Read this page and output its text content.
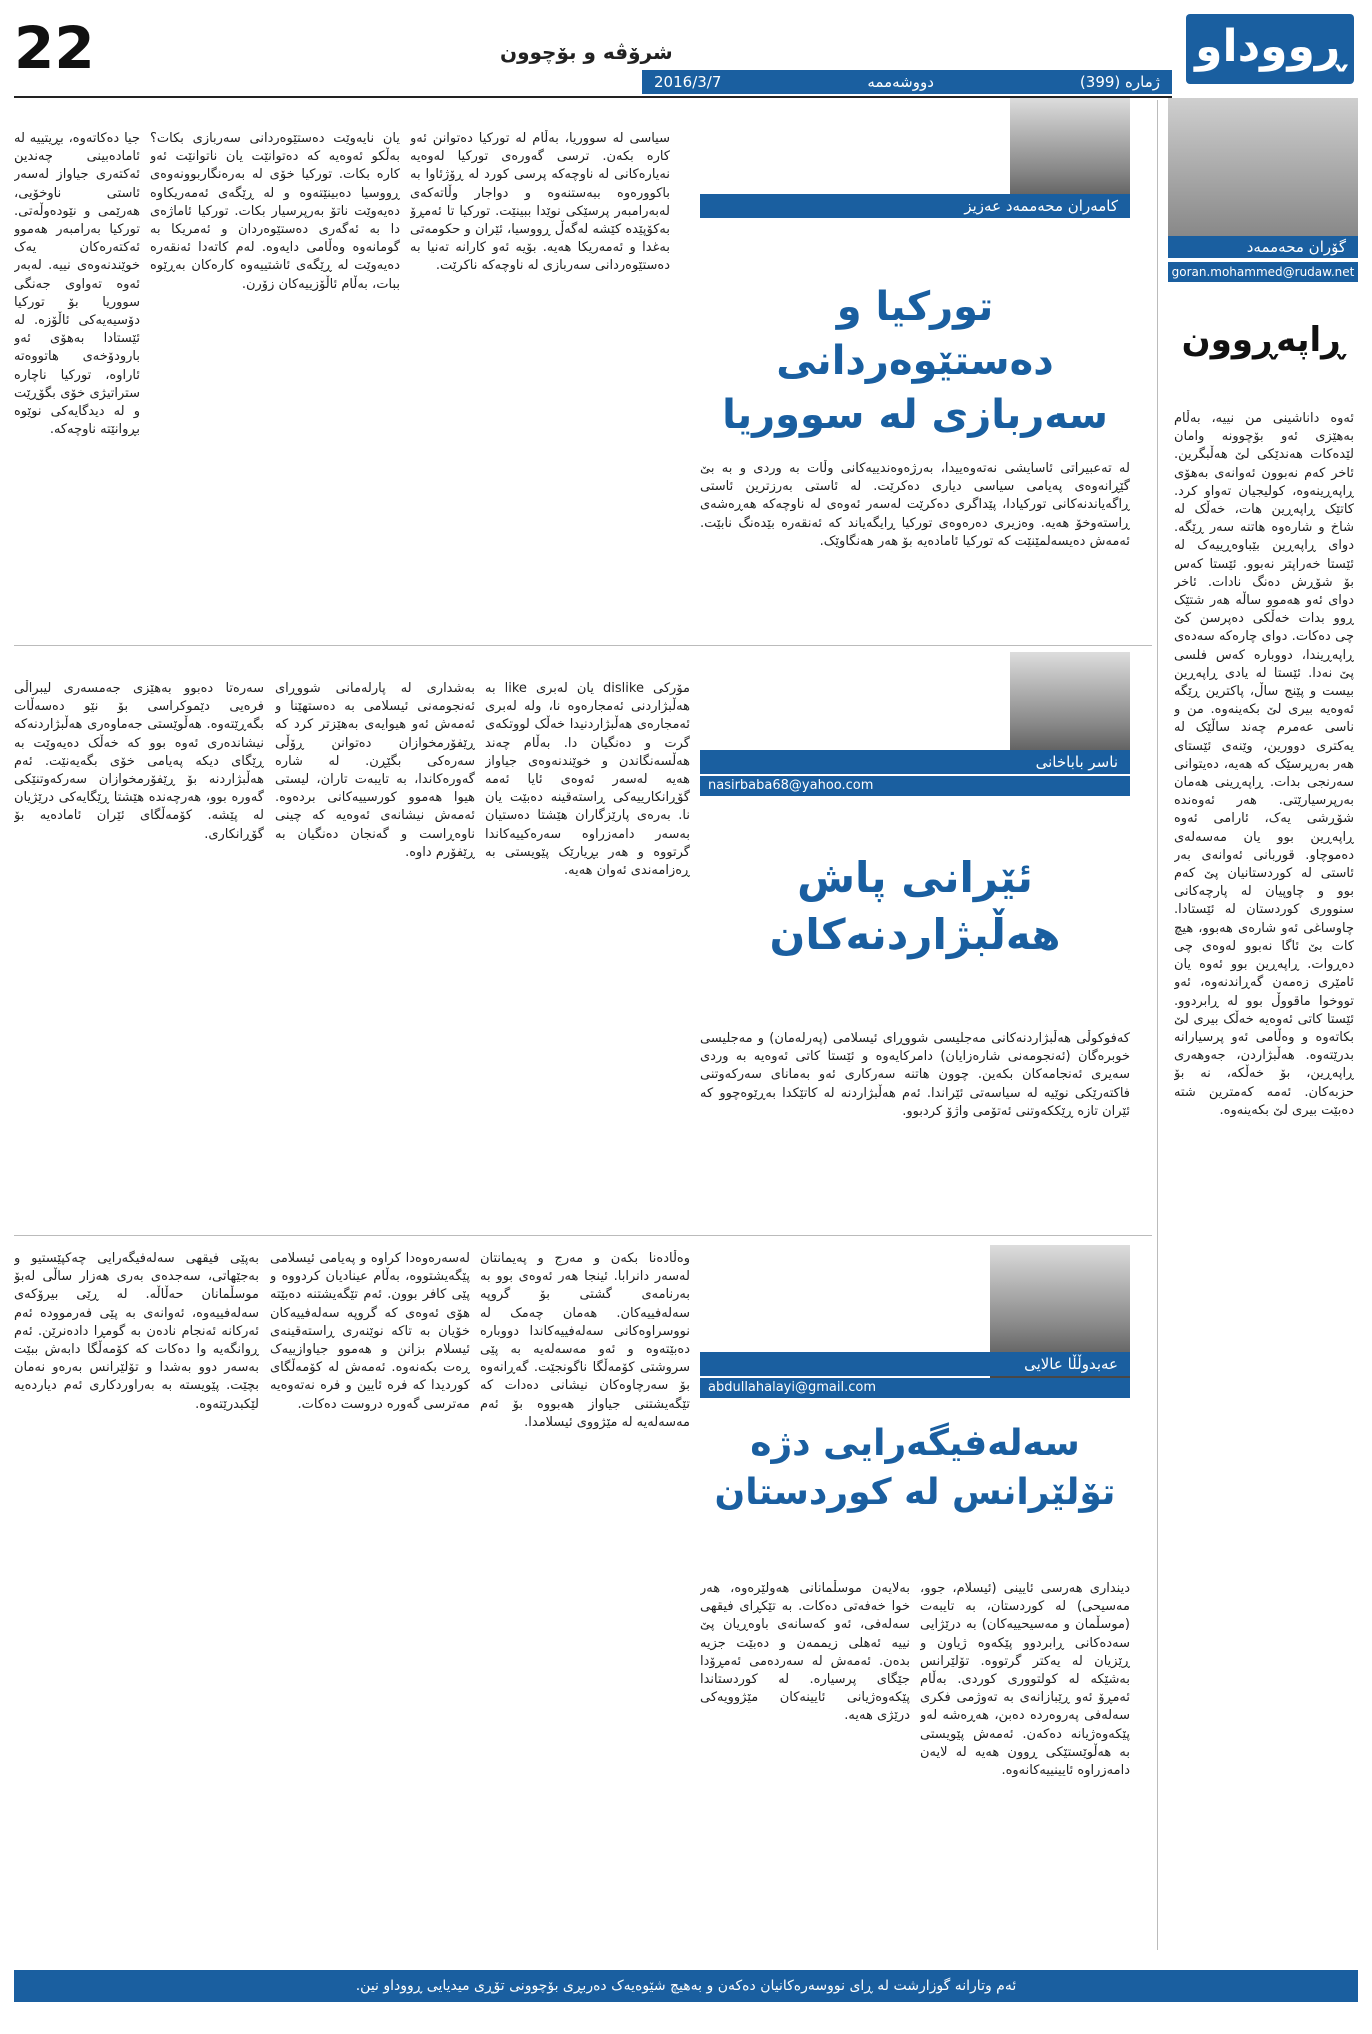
ڕووداو
ژمارە (399)
دووشەممە
2016/3/7
شرۆڤە و بۆچوون
22
گۆران محەممەد
goran.mohammed@rudaw.net
ڕاپەڕوون
ئەوە داناشینی من نییە، بەڵام بەهێزی ئەو بۆچوونە وامان لێدەکات هەندێکی لێ هەڵبگرین. ئاخر کەم نەبوون ئەوانەی بەهۆی ڕاپەڕینەوە، کولیجیان تەواو کرد. کاتێک ڕاپەڕین هات، خەڵک لە شاخ و شارەوە هاتنە سەر ڕێگە. دوای ڕاپەڕین بێباوەڕییەک لە ئێستا خەراپتر نەبوو. ئێستا کەس بۆ شۆڕش دەنگ نادات. ئاخر دوای ئەو هەموو ساڵە هەر شتێک ڕوو بدات خەڵکی دەپرسن کێ چی دەکات. دوای چارەکە سەدەی ڕاپەڕیندا، دووبارە کەس فلسی پێ نەدا. ئێستا لە یادی ڕاپەڕین بیست و پێنج ساڵ، پاکترین ڕێگە ئەوەیە بیری لێ بکەینەوە. من و ناسی عەمرم چەند ساڵێک لە یەکتری دوورین، وێنەی ئێستای هەر بەرپرسێک کە هەیە، دەیتوانی سەرنجی بدات. ڕاپەڕینی هەمان بەرپرسیارێتی. هەر ئەوەندە شۆڕشی یەک، ئارامی ئەوە ڕاپەڕین بوو یان مەسەلەی دەموچاو. قوربانی ئەوانەی بەر ئاستی لە کوردستانیان پێ کەم بوو و چاوپیان لە پارچەکانی سنووری کوردستان لە ئێستادا. چاوساغی ئەو شارەی هەبوو، هیچ کات بێ ئاگا نەبوو لەوەی چی دەڕوات. ڕاپەڕین بوو ئەوە یان ئامێری زەمەن گەڕاندنەوە، ئەو تووخوا ماقووڵ بوو لە ڕابردوو. ئێستا کاتی ئەوەیە خەڵک بیری لێ بکاتەوە و وەڵامی ئەو پرسیارانە بدرێتەوە. هەڵبژاردن، جەوهەری ڕاپەڕین، بۆ خەڵکە، نە بۆ حزبەکان. ئەمە کەمترین شتە دەبێت بیری لێ بکەینەوە.
کامەران محەممەد عەزیز
تورکیا و دەستێوەردانی
سەربازی لە سووریا
سیاسی لە سووریا، بەڵام لە تورکیا دەتوانن ئەو کارە بکەن. ترسی گەورەی تورکیا لەوەیە نەیارەکانی لە ناوچەکە پرسی کورد لە ڕۆژئاوا بە باکوورەوە ببەستنەوە و دواجار وڵاتەکەی لەبەرامبەر پرسێکی نوێدا ببینێت. تورکیا تا ئەمڕۆ بەکۆپێدە کێشە لەگەڵ ڕووسیا، ئێران و حکومەتی بەغدا و ئەمەریکا هەیە. بۆیە ئەو کارانە تەنیا بە دەستێوەردانی سەربازی لە ناوچەکە ناکرێت.
یان نایەوێت دەستێوەردانی سەربازی بکات؟ بەڵکو ئەوەیە کە دەتوانێت یان ناتوانێت ئەو کارە بکات. تورکیا خۆی لە بەرەنگاربوونەوەی ڕووسیا دەبینێتەوە و لە ڕێگەی ئەمەریکاوە دەیەوێت ناتۆ بەرپرسیار بکات. تورکیا ئاماژەی دا بە ئەگەری دەستێوەردان و ئەمریکا بە گومانەوە وەڵامی دایەوە. لەم کاتەدا ئەنقەرە دەیەوێت لە ڕێگەی ئاشتییەوە کارەکان بەڕێوە ببات، بەڵام ئاڵۆزییەکان زۆرن.
جیا دەکاتەوە، بڕیتییە لە ئامادەبینی چەندین ئەکتەری جیاواز لەسەر ئاستی ناوخۆیی، هەرێمی و نێودەوڵەتی. تورکیا بەرامبەر هەموو ئەکتەرەکان یەک خوێندنەوەی نییە. لەبەر ئەوە تەواوی جەنگی سووریا بۆ تورکیا دۆسیەیەکی ئاڵۆزە. لە ئێستادا بەهۆی ئەو بارودۆخەی هاتووەتە ئاراوە، تورکیا ناچارە ستراتیژی خۆی بگۆڕێت و لە دیدگایەکی نوێوە بڕوانێتە ناوچەکە.
لە تەعبیراتی ئاسایشی نەتەوەییدا، بەرژەوەندییەکانی وڵات بە وردی و بە بێ گێڕانەوەی پەیامی سیاسی دیاری دەکرێت. لە ئاستی بەرزترین ئاستی ڕاگەیاندنەکانی تورکیادا، پێداگری دەکرێت لەسەر ئەوەی لە ناوچەکە هەڕەشەی ڕاستەوخۆ هەیە. وەزیری دەرەوەی تورکیا ڕایگەیاند کە ئەنقەرە بێدەنگ نابێت. ئەمەش دەیسەلمێنێت کە تورکیا ئامادەیە بۆ هەر هەنگاوێک.
ناسر باباخانی
nasirbaba68@yahoo.com
ئێرانی پاش
هەڵبژاردنەکان
سەرەتا دەبوو بەهێزی جەمسەری لیبراڵی فرەیی دێموکراسی بۆ نێو دەسەڵات بگەڕێتەوە. هەڵوێستی جەماوەری هەڵبژاردنەکە نیشاندەری ئەوە بوو کە خەڵک دەیەوێت بە ڕێگای دیکە پەیامی خۆی بگەیەنێت. ئەم هەڵبژاردنە بۆ ڕێفۆرمخوازان سەرکەوتنێکی گەورە بوو، هەرچەندە هێشتا ڕێگایەکی درێژیان لە پێشە. کۆمەڵگای ئێران ئامادەیە بۆ گۆڕانکاری.
بەشداری لە پارلەمانی شووڕای ئەنجومەنی ئیسلامی بە دەستهێنا و ئەمەش ئەو هیوایەی بەهێزتر کرد کە ڕێفۆرمخوازان دەتوانن ڕۆڵی سەرەکی بگێڕن. لە شارە گەورەکاندا، بە تایبەت تاران، لیستی هیوا هەموو کورسییەکانی بردەوە. ئەمەش نیشانەی ئەوەیە کە چینی ناوەڕاست و گەنجان دەنگیان بە ڕێفۆرم داوە.
مۆرکی dislike یان لەبری like بە هەڵبژاردنی ئەمجارەوە نا، ولە لەبری ئەمجارەی هەڵبژاردنیدا خەڵک لووتکەی گرت و دەنگیان دا. بەڵام چەند هەڵسەنگاندن و خوێندنەوەی جیاواز هەیە لەسەر ئەوەی ئایا ئەمە گۆڕانکارییەکی ڕاستەقینە دەبێت یان نا. بەرەی پارێزگاران هێشتا دەستیان بەسەر دامەزراوە سەرەکییەکاندا گرتووە و هەر بڕیارێک پێویستی بە ڕەزامەندی ئەوان هەیە.
کەفوکوڵی هەڵبژاردنەکانی مەجلیسی شووڕای ئیسلامی (پەرلەمان) و مەجلیسی خوبرەگان (ئەنجومەنی شارەزایان) دامرکایەوە و ئێستا کاتی ئەوەیە بە وردی سەیری ئەنجامەکان بکەین. چوون هاتنە سەرکاری ئەو بەمانای سەرکەوتنی فاکتەرێکی نوێیە لە سیاسەتی ئێراندا. ئەم هەڵبژاردنە لە کاتێکدا بەڕێوەچوو کە ئێران تازە ڕێککەوتنی ئەتۆمی واژۆ کردبوو.
عەبدوڵڵا عالایی
abdullahalayi@gmail.com
سەلەفیگەرایی دژە
تۆلێرانس لە کوردستان
بەپێی فیقهی سەلەفیگەرایی چەکپێستیو و بەجێهاتی، سەجدەی بەری هەزار ساڵی لەبۆ موسڵمانان حەڵاڵە. لە ڕێی بیرۆکەی سەلەفییەوە، ئەوانەی بە پێی فەرموودە ئەم ئەرکانە ئەنجام نادەن بە گومڕا دادەنرێن. ئەم ڕوانگەیە وا دەکات کە کۆمەڵگا دابەش ببێت بەسەر دوو بەشدا و تۆلێرانس بەرەو نەمان بچێت. پێویستە بە بەراوردکاری ئەم دیاردەیە لێکبدرێتەوە.
لەسەرەوەدا کراوە و پەیامی ئیسلامی پێگەیشتووە، بەڵام عینادیان کردووە و پێی کافر بوون. ئەم تێگەیشتنە دەبێتە هۆی ئەوەی کە گروپە سەلەفییەکان خۆیان بە تاکە نوێنەری ڕاستەقینەی ئیسلام بزانن و هەموو جیاوازییەک ڕەت بکەنەوە. ئەمەش لە کۆمەڵگای کوردیدا کە فرە ئایین و فرە نەتەوەیە مەترسی گەورە دروست دەکات.
وەڵادەنا بکەن و مەرج و پەیمانتان لەسەر دانرابا. ئینجا هەر ئەوەی بوو بە بەرنامەی گشتی بۆ گروپە سەلەفییەکان. هەمان چەمک لە نووسراوەکانی سەلەفییەکاندا دووبارە دەبێتەوە و ئەو مەسەلەیە بە پێی سروشتی کۆمەڵگا ناگونجێت. گەڕانەوە بۆ سەرچاوەکان نیشانی دەدات کە تێگەیشتنی جیاواز هەبووە بۆ ئەم مەسەلەیە لە مێژووی ئیسلامدا.
بەلایەن موسڵمانانی هەولێرەوە، هەر خوا خەفەتی دەکات. بە تێکڕای فیقهی سەلەفی، ئەو کەسانەی باوەڕیان پێ نییە ئەهلی زیممەن و دەبێت جزیە بدەن. ئەمەش لە سەردەمی ئەمڕۆدا جێگای پرسیارە. لە کوردستاندا پێکەوەژیانی ئایینەکان مێژوویەکی درێژی هەیە.
دینداری هەرسی ئایینی (ئیسلام، جوو، مەسیحی) لە کوردستان، بە تایبەت (موسڵمان و مەسیحییەکان) بە درێژایی سەدەکانی ڕابردوو پێکەوە ژیاون و ڕێزیان لە یەکتر گرتووە. تۆلێرانس بەشێکە لە کولتووری کوردی. بەڵام ئەمڕۆ ئەو ڕێبازانەی بە تەوژمی فکری سەلەفی پەروەردە دەبن، هەڕەشە لەو پێکەوەژیانە دەکەن. ئەمەش پێویستی بە هەڵوێستێکی ڕوون هەیە لە لایەن دامەزراوە ئایینییەکانەوە.
ئەم وتارانە گوزارشت لە ڕای نووسەرەکانیان دەکەن و بەهیچ شێوەیەک دەربڕی بۆچوونی تۆڕی میدیایی ڕووداو نین.
